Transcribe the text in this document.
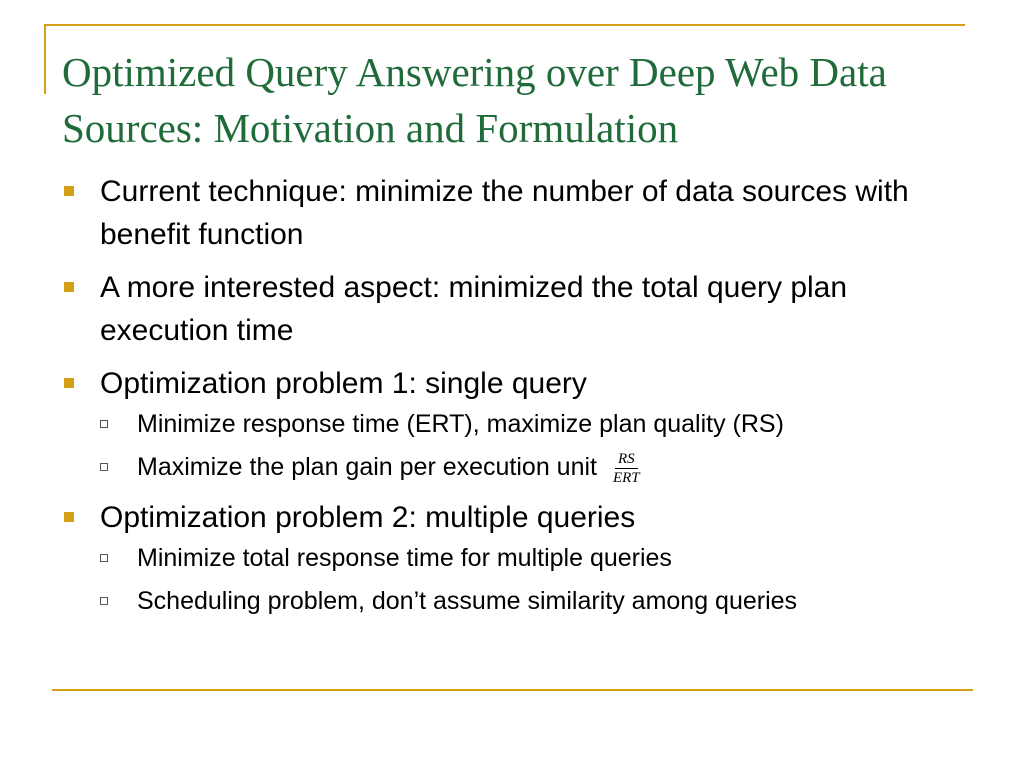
Optimized Query Answering over Deep Web Data Sources: Motivation and Formulation
Current technique: minimize the number of data sources with benefit function
A more interested aspect: minimized the total query plan execution time
Optimization problem 1: single query
Minimize response time (ERT), maximize plan quality (RS)
Maximize the plan gain per execution unit $\frac{RS}{\text{ERT}}$
Optimization problem 2: multiple queries
Minimize total response time for multiple queries
Scheduling problem, don’t assume similarity among queries
